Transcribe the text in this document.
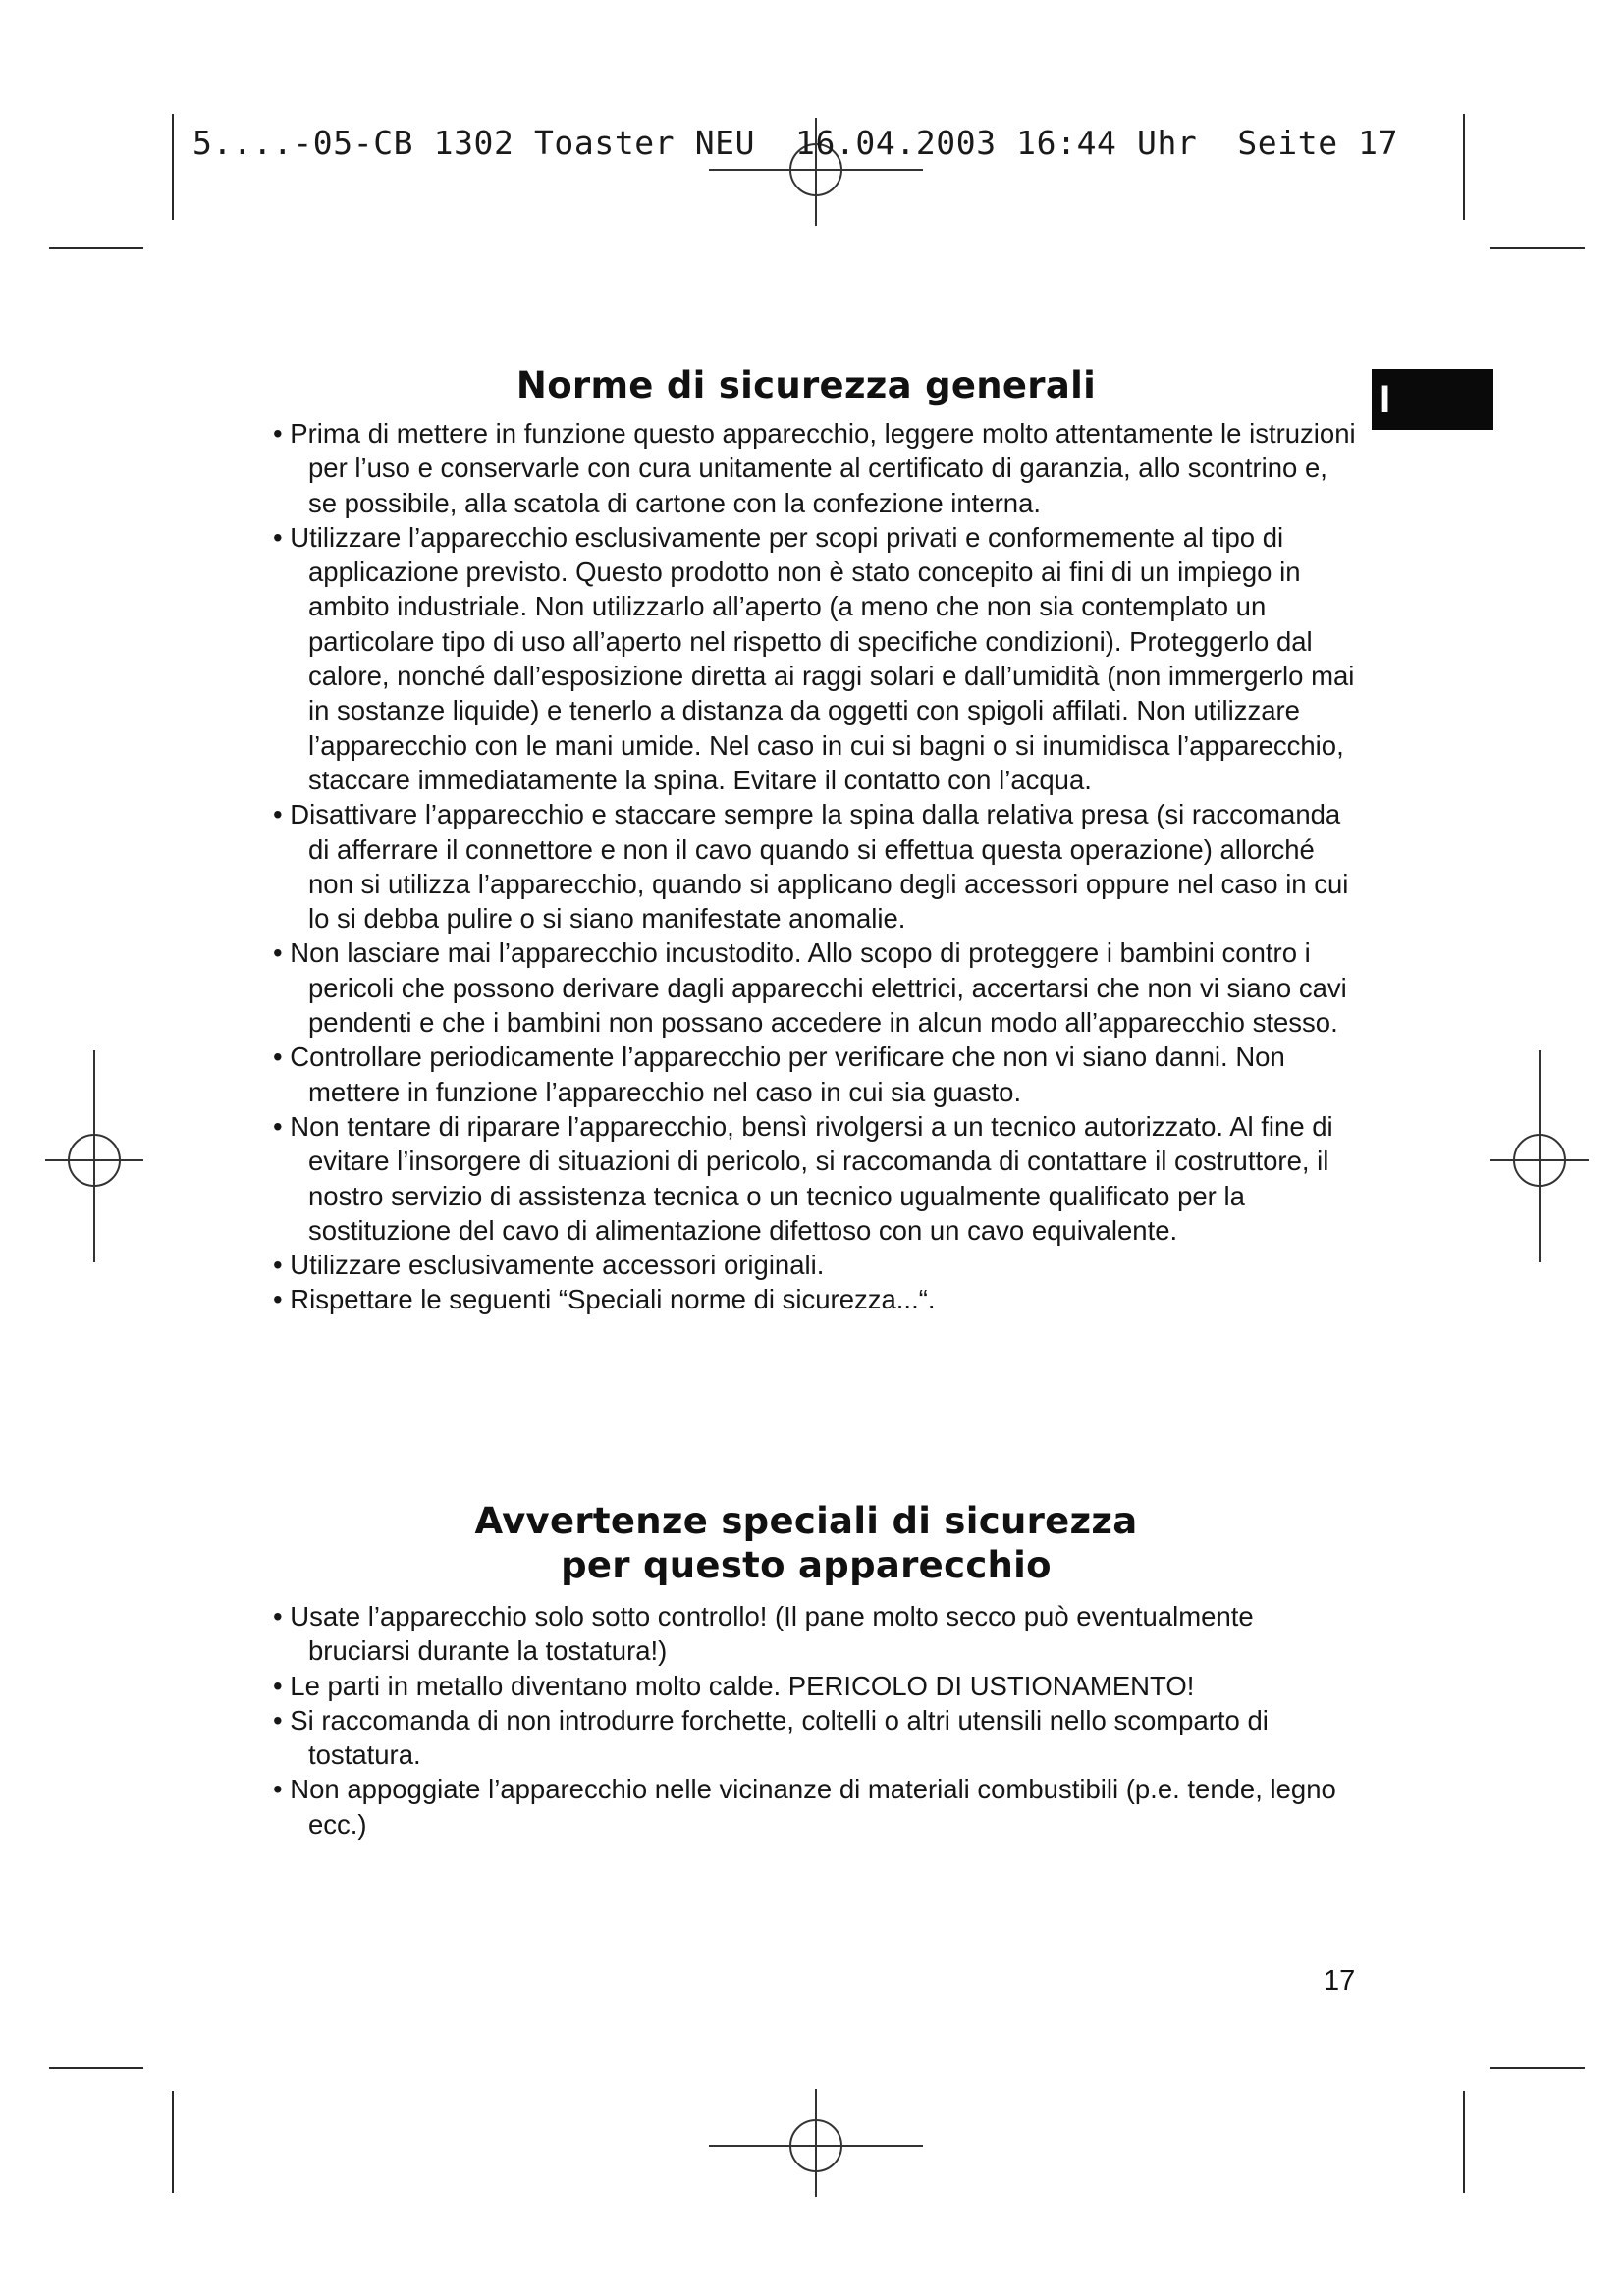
5....-05-CB 1302 Toaster NEU  16.04.2003 16:44 Uhr  Seite 17
I
Norme di sicurezza generali
• Prima di mettere in funzione questo apparecchio, leggere molto attentamente le istruzioni per l’uso e conservarle con cura unitamente al certificato di garanzia, allo scontrino e, se possibile, alla scatola di cartone con la confezione interna.
• Utilizzare l’apparecchio esclusivamente per scopi privati e conformemente al tipo di applicazione previsto. Questo prodotto non è stato concepito ai fini di un impiego in ambito industriale. Non utilizzarlo all’aperto (a meno che non sia contemplato un particolare tipo di uso all’aperto nel rispetto di specifiche condizioni). Proteggerlo dal calore, nonché dall’esposizione diretta ai raggi solari e dall’umidità (non immergerlo mai in sostanze liquide) e tenerlo a distanza da oggetti con spigoli affilati. Non utilizzare l’apparecchio con le mani umide. Nel caso in cui si bagni o si inumidisca l’apparecchio, staccare immediatamente la spina. Evitare il contatto con l’acqua.
• Disattivare l’apparecchio e staccare sempre la spina dalla relativa presa (si raccomanda di afferrare il connettore e non il cavo quando si effettua questa operazione) allorché non si utilizza l’apparecchio, quando si applicano degli accessori oppure nel caso in cui lo si debba pulire o si siano manifestate anomalie.
• Non lasciare mai l’apparecchio incustodito. Allo scopo di proteggere i bambini contro i pericoli che possono derivare dagli apparecchi elettrici, accertarsi che non vi siano cavi pendenti e che i bambini non possano accedere in alcun modo all’apparecchio stesso.
• Controllare periodicamente l’apparecchio per verificare che non vi siano danni. Non mettere in funzione l’apparecchio nel caso in cui sia guasto.
• Non tentare di riparare l’apparecchio, bensì rivolgersi a un tecnico autorizzato. Al fine di evitare l’insorgere di situazioni di pericolo, si raccomanda di contattare il costruttore, il nostro servizio di assistenza tecnica o un tecnico ugualmente qualificato per la sostituzione del cavo di alimentazione difettoso con un cavo equivalente.
• Utilizzare esclusivamente accessori originali.
• Rispettare le seguenti “Speciali norme di sicurezza...“.
Avvertenze speciali di sicurezza
per questo apparecchio
• Usate l’apparecchio solo sotto controllo! (Il pane molto secco può eventualmente bruciarsi durante la tostatura!)
• Le parti in metallo diventano molto calde. PERICOLO DI USTIONAMENTO!
• Si raccomanda di non introdurre forchette, coltelli o altri utensili nello scomparto di tostatura.
• Non appoggiate l’apparecchio nelle vicinanze di materiali combustibili (p.e. tende, legno ecc.)
17
